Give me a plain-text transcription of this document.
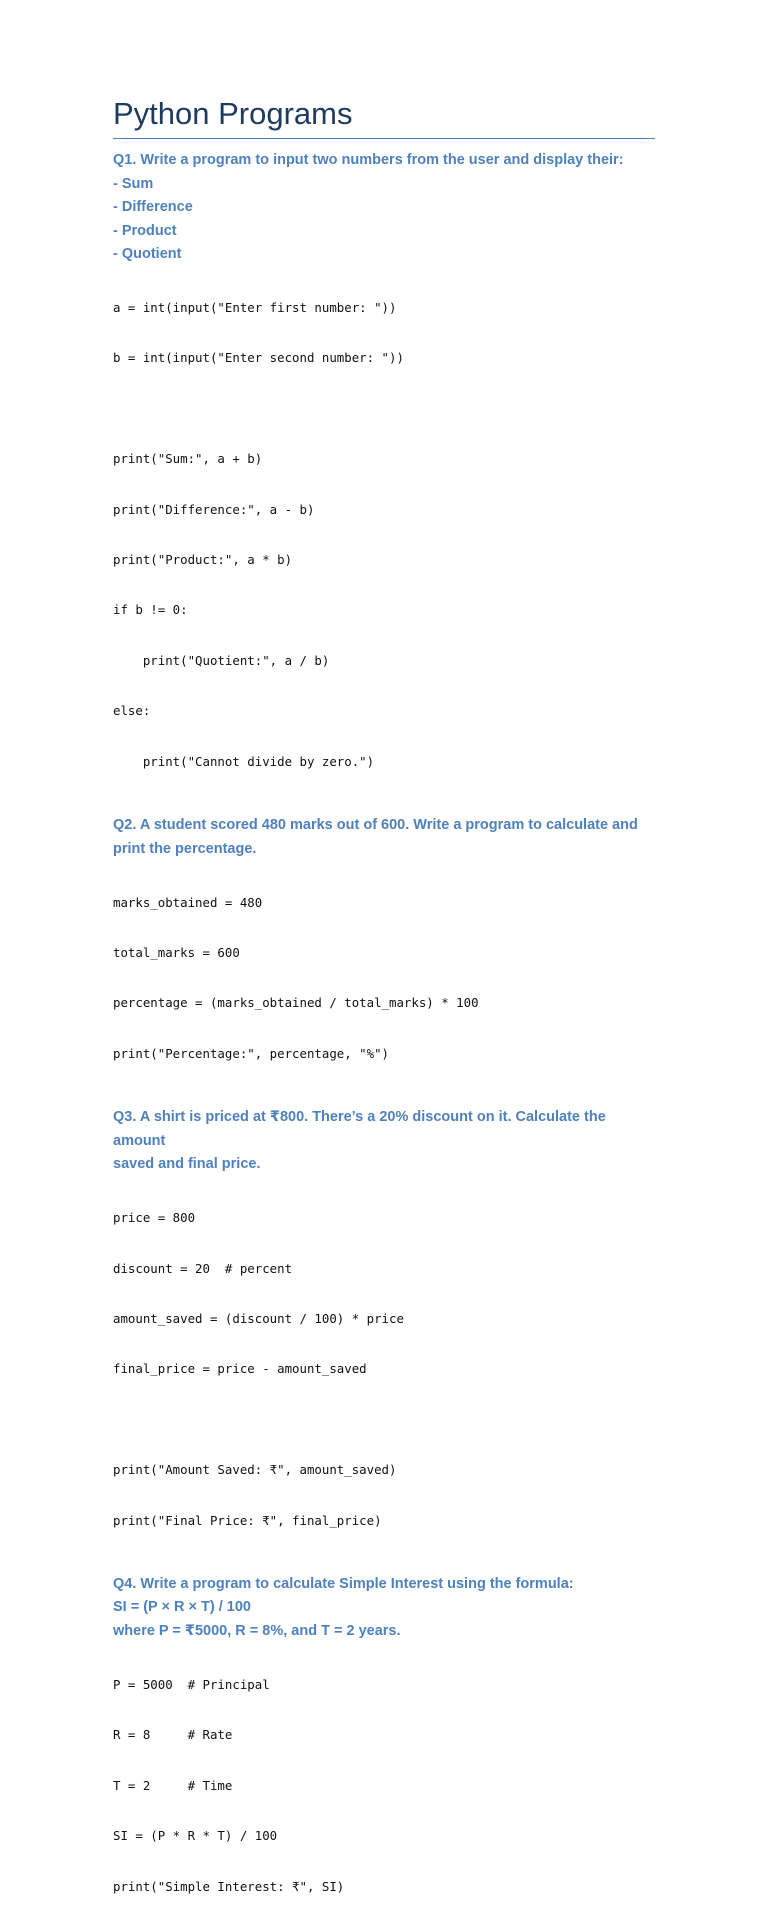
Python Programs

Q1. Write a program to input two numbers from the user and display their:

- Sum

- Difference

- Product

- Quotient

a = int(input("Enter first number: "))

b = int(input("Enter second number: "))

print("Sum:", a + b)

print("Difference:", a - b)

print("Product:", a * b)

if b != 0:

print("Quotient:", a / b)

else:

print("Cannot divide by zero.")

Q2. A student scored 480 marks out of 600. Write a program to calculate and

print the percentage.

marks_obtained = 480

total_marks = 600

percentage = (marks_obtained / total_marks) * 100

print("Percentage:", percentage, "%")

Q3. A shirt is priced at ₹800. There’s a 20% discount on it. Calculate the amount

saved and final price.

price = 800

discount = 20  # percent

amount_saved = (discount / 100) * price

final_price = price - amount_saved

print("Amount Saved: ₹", amount_saved)

print("Final Price: ₹", final_price)

Q4. Write a program to calculate Simple Interest using the formula:

SI = (P × R × T) / 100

where P = ₹5000, R = 8%, and T = 2 years.

P = 5000  # Principal

R = 8     # Rate

T = 2     # Time

SI = (P * R * T) / 100

print("Simple Interest: ₹", SI)
